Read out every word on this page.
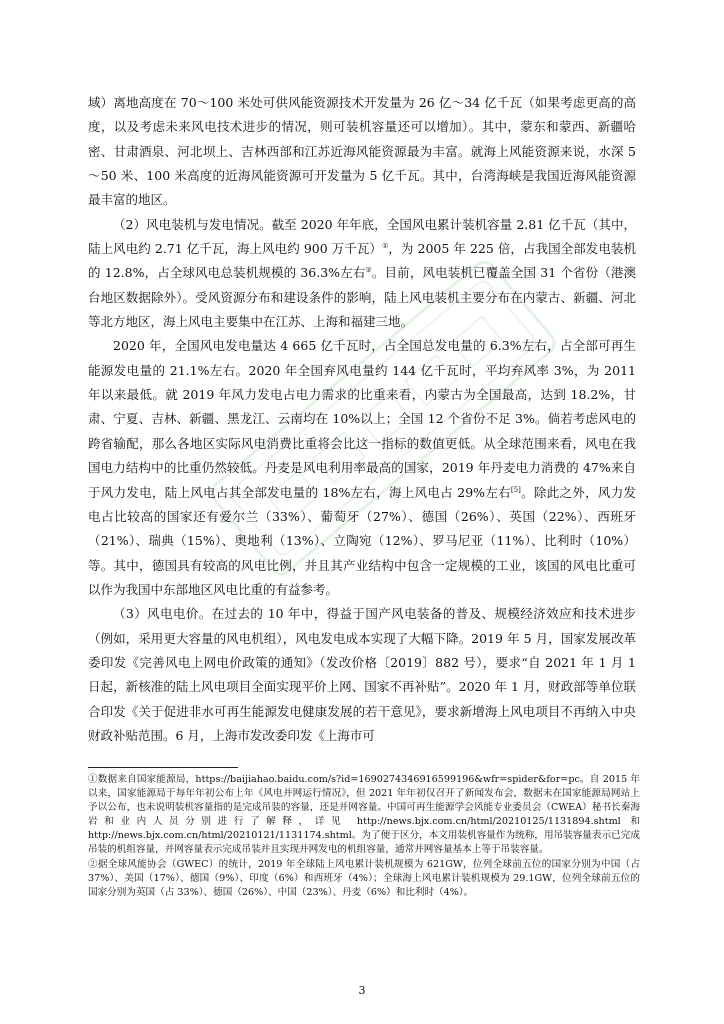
域）离地高度在 70～100 米处可供风能资源技术开发量为 26 亿～34 亿千瓦（如果考虑更高的高度，以及考虑未来风电技术进步的情况，则可装机容量还可以增加）。其中，蒙东和蒙西、新疆哈密、甘肃酒泉、河北坝上、吉林西部和江苏近海风能资源最为丰富。就海上风能资源来说，水深 5～50 米、100 米高度的近海风能资源可开发量为 5 亿千瓦。其中，台湾海峡是我国近海风能资源最丰富的地区。

（2）风电装机与发电情况。截至 2020 年年底，全国风电累计装机容量 2.81 亿千瓦（其中，陆上风电约 2.71 亿千瓦，海上风电约 900 万千瓦）①，为 2005 年 225 倍，占我国全部发电装机的 12.8%，占全球风电总装机规模的 36.3%左右②。目前，风电装机已覆盖全国 31 个省份（港澳台地区数据除外）。受风资源分布和建设条件的影响，陆上风电装机主要分布在内蒙古、新疆、河北等北方地区，海上风电主要集中在江苏、上海和福建三地。

2020 年，全国风电发电量达 4 665 亿千瓦时，占全国总发电量的 6.3%左右，占全部可再生能源发电量的 21.1%左右。2020 年全国弃风电量约 144 亿千瓦时，平均弃风率 3%，为 2011 年以来最低。就 2019 年风力发电占电力需求的比重来看，内蒙古为全国最高，达到 18.2%，甘肃、宁夏、吉林、新疆、黑龙江、云南均在 10%以上；全国 12 个省份不足 3%。倘若考虑风电的跨省输配，那么各地区实际风电消费比重将会比这一指标的数值更低。从全球范围来看，风电在我国电力结构中的比重仍然较低。丹麦是风电利用率最高的国家，2019 年丹麦电力消费的 47%来自于风力发电，陆上风电占其全部发电量的 18%左右，海上风电占 29%左右[5]。除此之外，风力发电占比较高的国家还有爱尔兰（33%）、葡萄牙（27%）、德国（26%）、英国（22%）、西班牙（21%）、瑞典（15%）、奥地利（13%）、立陶宛（12%）、罗马尼亚（11%）、比利时（10%）等。其中，德国具有较高的风电比例，并且其产业结构中包含一定规模的工业，该国的风电比重可以作为我国中东部地区风电比重的有益参考。

（3）风电电价。在过去的 10 年中，得益于国产风电装备的普及、规模经济效应和技术进步（例如，采用更大容量的风电机组），风电发电成本实现了大幅下降。2019 年 5 月，国家发展改革委印发《完善风电上网电价政策的通知》（发改价格〔2019〕882 号），要求“自 2021 年 1 月 1 日起，新核准的陆上风电项目全面实现平价上网、国家不再补贴”。2020 年 1 月，财政部等单位联合印发《关于促进非水可再生能源发电健康发展的若干意见》，要求新增海上风电项目不再纳入中央财政补贴范围。6 月，上海市发改委印发《上海市可

①数据来自国家能源局，https://baijiahao.baidu.com/s?id=1690274346916599196&wfr=spider&for=pc。自 2015 年以来，国家能源局于每年年初公布上年《风电并网运行情况》，但 2021 年年初仅召开了新闻发布会，数据未在国家能源局网站上予以公布，也未说明装机容量指的是完成吊装的容量，还是并网容量。中国可再生能源学会风能专业委员会（CWEA）秘书长秦海岩和业内人员分别进行了解释，详见 http://news.bjx.com.cn/html/20210125/1131894.shtml 和 http://news.bjx.com.cn/html/20210121/1131174.shtml。为了便于区分，本文用装机容量作为统称，用吊装容量表示已完成吊装的机组容量，并网容量表示完成吊装并且实现并网发电的机组容量，通常并网容量基本上等于吊装容量。

②据全球风能协会（GWEC）的统计，2019 年全球陆上风电累计装机规模为 621GW，位列全球前五位的国家分别为中国（占 37%）、美国（17%）、德国（9%）、印度（6%）和西班牙（4%）；全球海上风电累计装机规模为 29.1GW，位列全球前五位的国家分别为英国（占 33%）、德国（26%）、中国（23%）、丹麦（6%）和比利时（4%）。

3
